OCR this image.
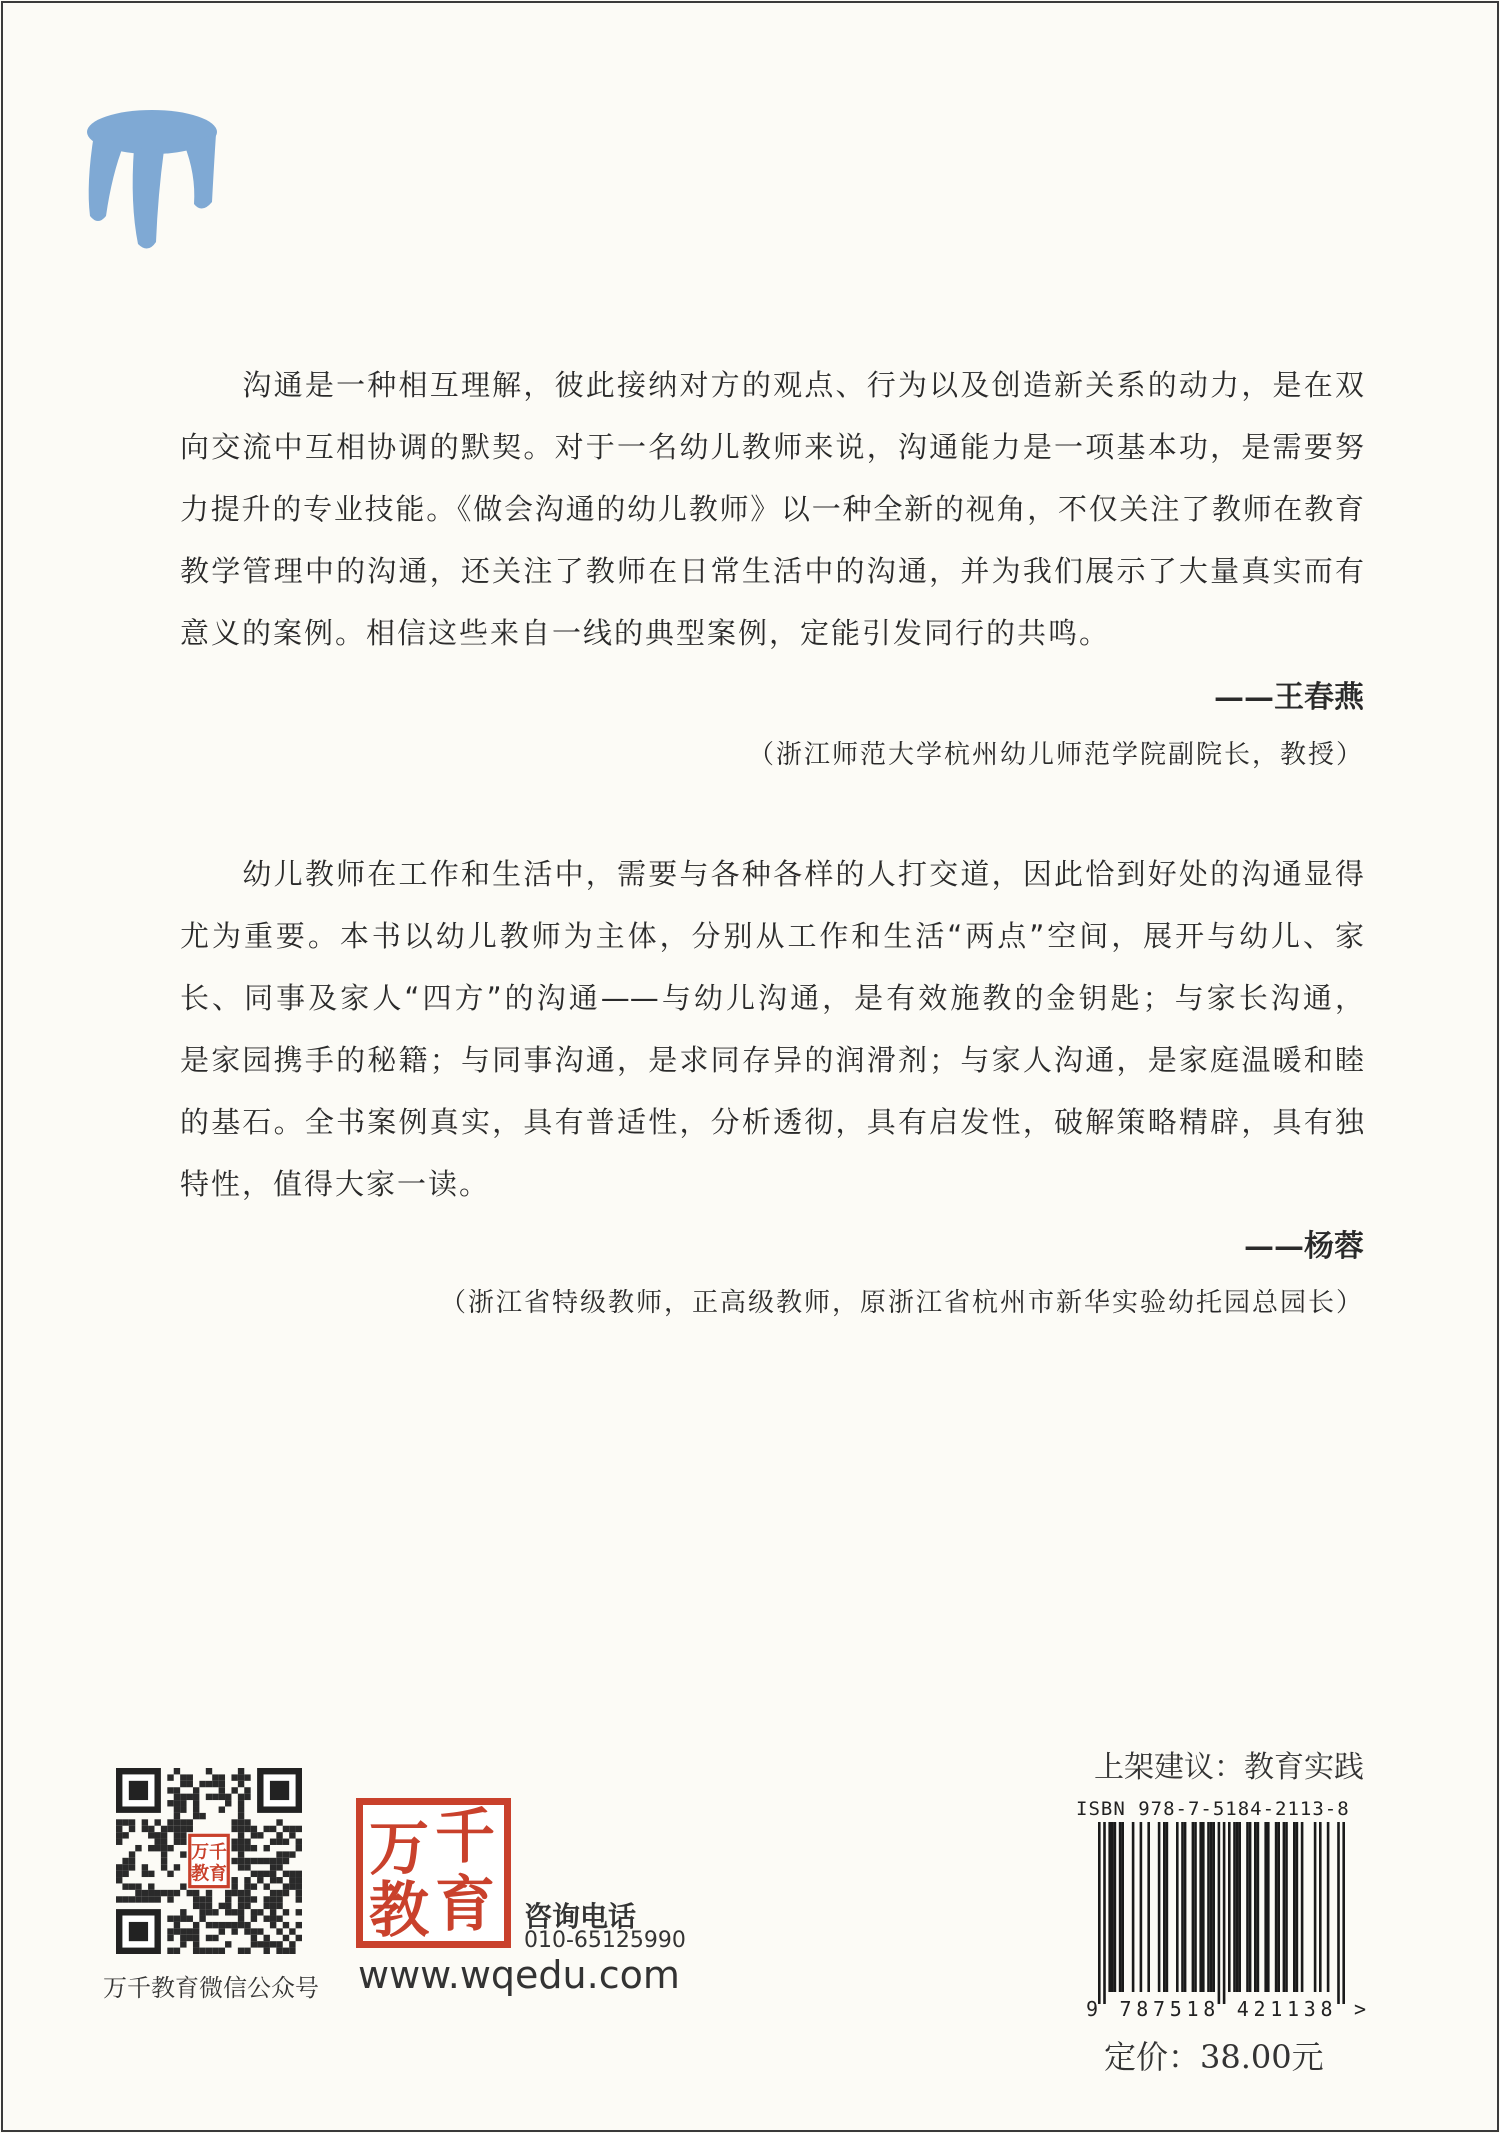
　　沟通是一种相互理解，彼此接纳对方的观点、行为以及创造新关系的动力，是在双
向交流中互相协调的默契。对于一名幼儿教师来说，沟通能力是一项基本功，是需要努
力提升的专业技能。《做会沟通的幼儿教师》以一种全新的视角，不仅关注了教师在教育
教学管理中的沟通，还关注了教师在日常生活中的沟通，并为我们展示了大量真实而有
意义的案例。相信这些来自一线的典型案例，定能引发同行的共鸣。
——王春燕
（浙江师范大学杭州幼儿师范学院副院长，教授）
　　幼儿教师在工作和生活中，需要与各种各样的人打交道，因此恰到好处的沟通显得
尤为重要。本书以幼儿教师为主体，分别从工作和生活“两点”空间，展开与幼儿、家
长、同事及家人“四方”的沟通——与幼儿沟通，是有效施教的金钥匙；与家长沟通，
是家园携手的秘籍；与同事沟通，是求同存异的润滑剂；与家人沟通，是家庭温暖和睦
的基石。全书案例真实，具有普适性，分析透彻，具有启发性，破解策略精辟，具有独
特性，值得大家一读。
——杨蓉
（浙江省特级教师，正高级教师，原浙江省杭州市新华实验幼托园总园长）
万千
教育
万千教育微信公众号
万 千
教 育 咨询电话
010-65125990
www.wqedu.com
上架建议：教育实践
ISBN 978-7-5184-2113-8
9 787518 421138 >
定价：38.00元
